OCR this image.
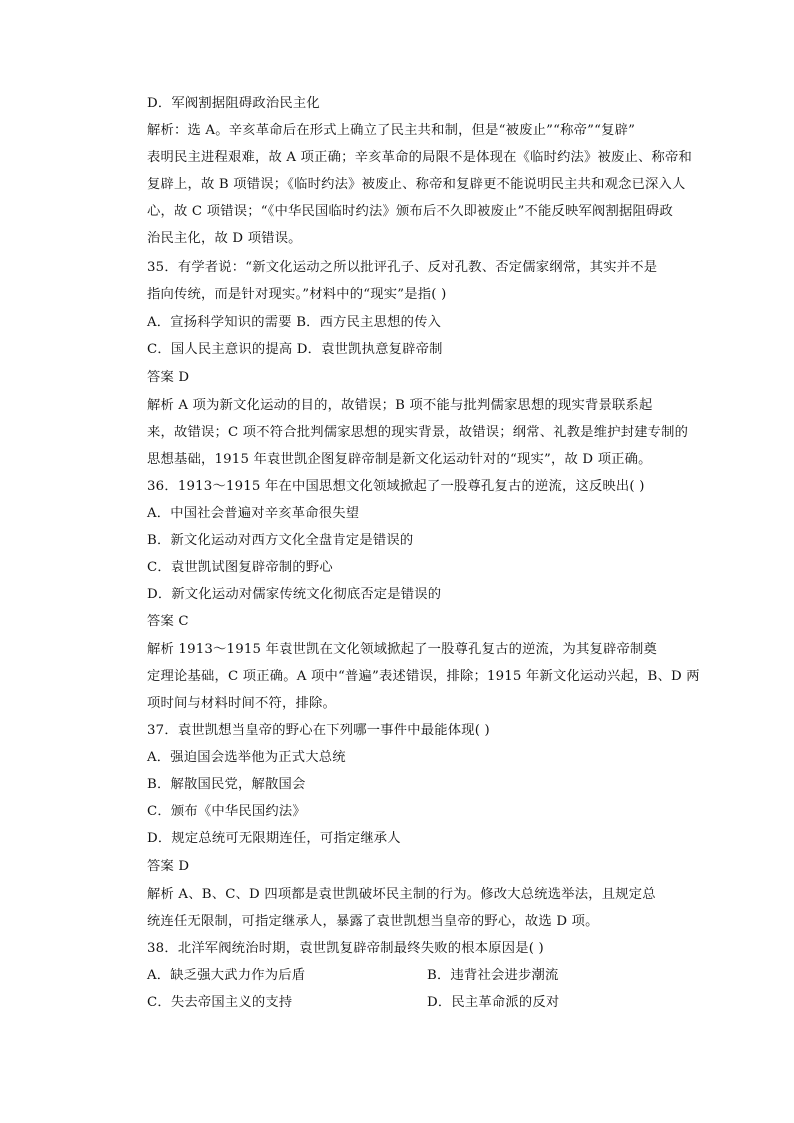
D．军阀割据阻碍政治民主化
解析：选 A。辛亥革命后在形式上确立了民主共和制，但是“被废止”“称帝”“复辟”
表明民主进程艰难，故 A 项正确；辛亥革命的局限不是体现在《临时约法》被废止、称帝和
复辟上，故 B 项错误；《临时约法》被废止、称帝和复辟更不能说明民主共和观念已深入人
心，故 C 项错误；“《中华民国临时约法》颁布后不久即被废止”不能反映军阀割据阻碍政
治民主化，故 D 项错误。
35．有学者说：“新文化运动之所以批评孔子、反对孔教、否定儒家纲常，其实并不是
指向传统，而是针对现实。”材料中的“现实”是指( )
A．宣扬科学知识的需要 B．西方民主思想的传入
C．国人民主意识的提高 D．袁世凯执意复辟帝制
答案 D
解析 A 项为新文化运动的目的，故错误；B 项不能与批判儒家思想的现实背景联系起
来，故错误；C 项不符合批判儒家思想的现实背景，故错误；纲常、礼教是维护封建专制的
思想基础，1915 年袁世凯企图复辟帝制是新文化运动针对的“现实”，故 D 项正确。
36．1913～1915 年在中国思想文化领域掀起了一股尊孔复古的逆流，这反映出( )
A．中国社会普遍对辛亥革命很失望
B．新文化运动对西方文化全盘肯定是错误的
C．袁世凯试图复辟帝制的野心
D．新文化运动对儒家传统文化彻底否定是错误的
答案 C
解析 1913～1915 年袁世凯在文化领域掀起了一股尊孔复古的逆流，为其复辟帝制奠
定理论基础，C 项正确。A 项中“普遍”表述错误，排除；1915 年新文化运动兴起，B、D 两
项时间与材料时间不符，排除。
37．袁世凯想当皇帝的野心在下列哪一事件中最能体现( )
A．强迫国会选举他为正式大总统
B．解散国民党，解散国会
C．颁布《中华民国约法》
D．规定总统可无限期连任，可指定继承人
答案 D
解析 A、B、C、D 四项都是袁世凯破坏民主制的行为。修改大总统选举法，且规定总
统连任无限制，可指定继承人，暴露了袁世凯想当皇帝的野心，故选 D 项。
38．北洋军阀统治时期，袁世凯复辟帝制最终失败的根本原因是( )
A．缺乏强大武力作为后盾	B．违背社会进步潮流
C．失去帝国主义的支持	D．民主革命派的反对
